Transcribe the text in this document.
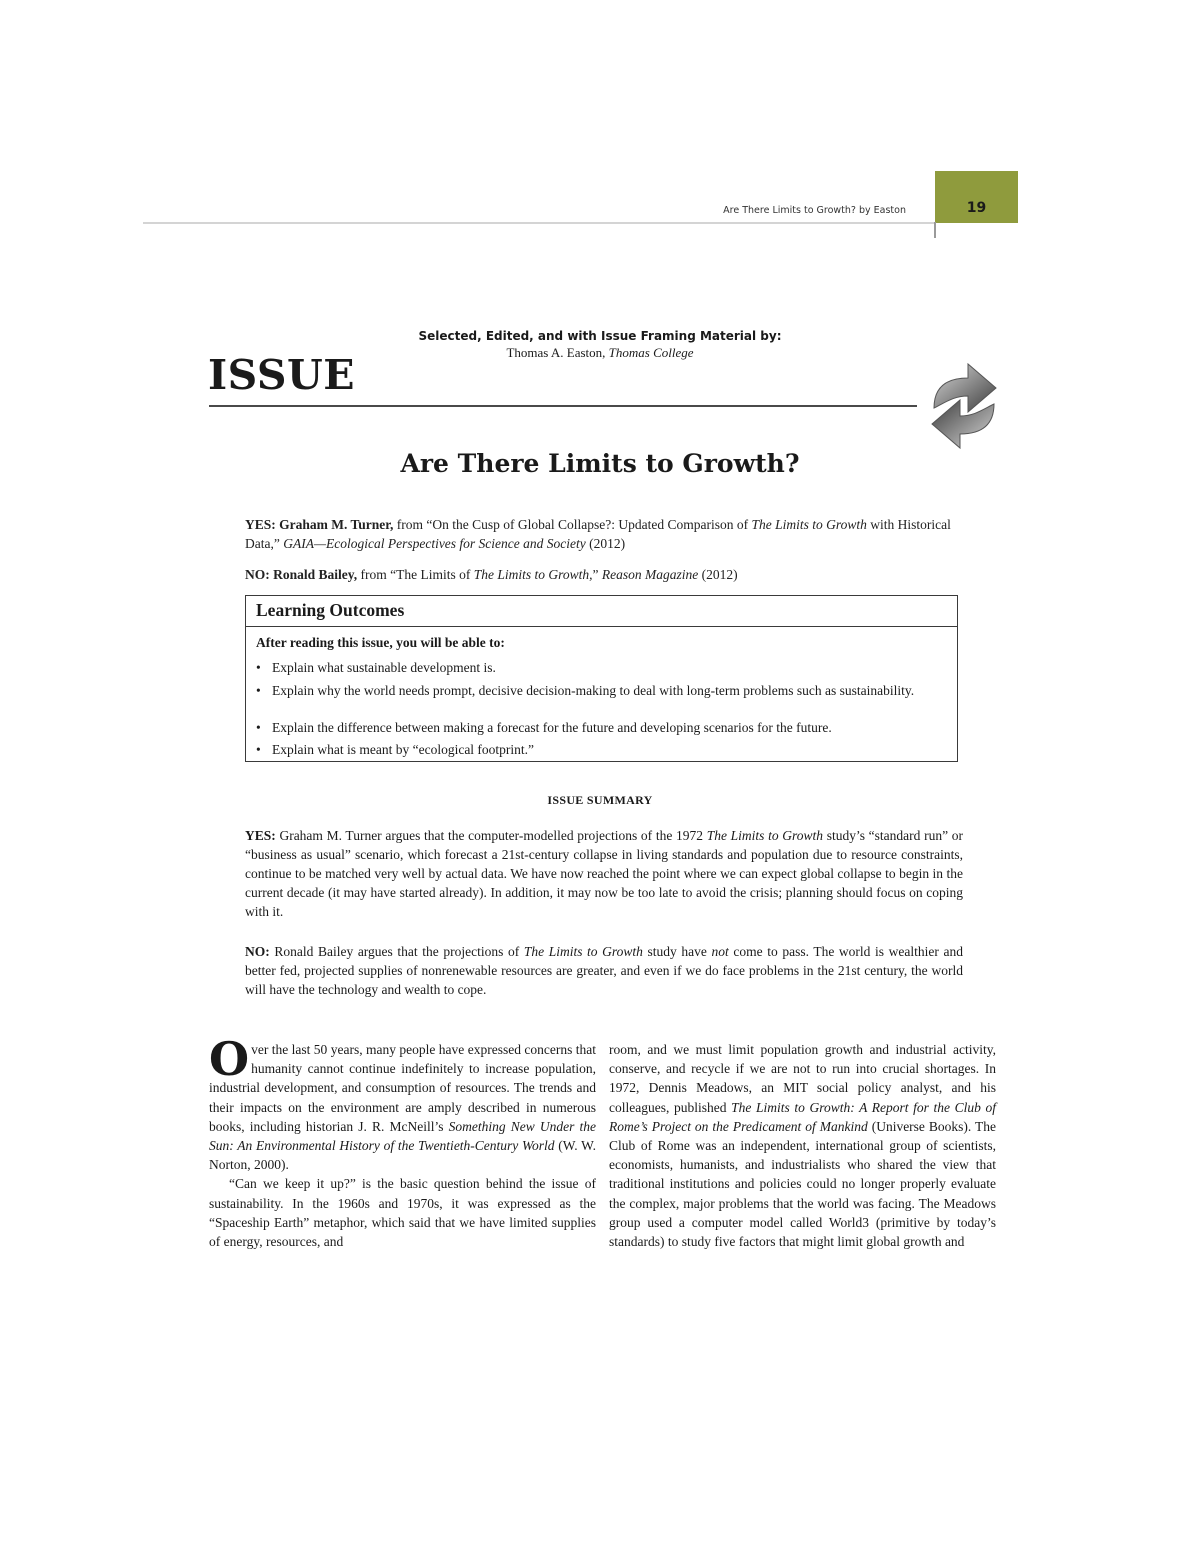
Are There Limits to Growth? by Easton	19
Selected, Edited, and with Issue Framing Material by:
Thomas A. Easton, Thomas College
ISSUE
Are There Limits to Growth?
YES: Graham M. Turner, from “On the Cusp of Global Collapse?: Updated Comparison of The Limits to Growth with Historical Data,” GAIA—Ecological Perspectives for Science and Society (2012)
NO: Ronald Bailey, from “The Limits of The Limits to Growth,” Reason Magazine (2012)
Learning Outcomes
After reading this issue, you will be able to:
• Explain what sustainable development is.
• Explain why the world needs prompt, decisive decision-making to deal with long-term problems such as sustainability.
• Explain the difference between making a forecast for the future and developing scenarios for the future.
• Explain what is meant by “ecological footprint.”
ISSUE SUMMARY
YES: Graham M. Turner argues that the computer-modelled projections of the 1972 The Limits to Growth study’s “standard run” or “business as usual” scenario, which forecast a 21st-century collapse in living standards and population due to resource constraints, continue to be matched very well by actual data. We have now reached the point where we can expect global collapse to begin in the current decade (it may have started already). In addition, it may now be too late to avoid the crisis; planning should focus on coping with it.
NO: Ronald Bailey argues that the projections of The Limits to Growth study have not come to pass. The world is wealthier and better fed, projected supplies of nonrenewable resources are greater, and even if we do face problems in the 21st century, the world will have the technology and wealth to cope.

Over the last 50 years, many people have expressed concerns that humanity cannot continue indefinitely to increase population, industrial development, and consumption of resources. The trends and their impacts on the environment are amply described in numerous books, including historian J. R. McNeill’s Something New Under the Sun: An Environmental History of the Twentieth-Century World (W. W. Norton, 2000).

“Can we keep it up?” is the basic question behind the issue of sustainability. In the 1960s and 1970s, it was expressed as the “Spaceship Earth” metaphor, which said that we have limited supplies of energy, resources, and

room, and we must limit population growth and industrial activity, conserve, and recycle if we are not to run into crucial shortages. In 1972, Dennis Meadows, an MIT social policy analyst, and his colleagues, published The Limits to Growth: A Report for the Club of Rome’s Project on the Predicament of Mankind (Universe Books). The Club of Rome was an independent, international group of scientists, economists, humanists, and industrialists who shared the view that traditional institutions and policies could no longer properly evaluate the complex, major problems that the world was facing. The Meadows group used a computer model called World3 (primitive by today’s standards) to study five factors that might limit global growth and
